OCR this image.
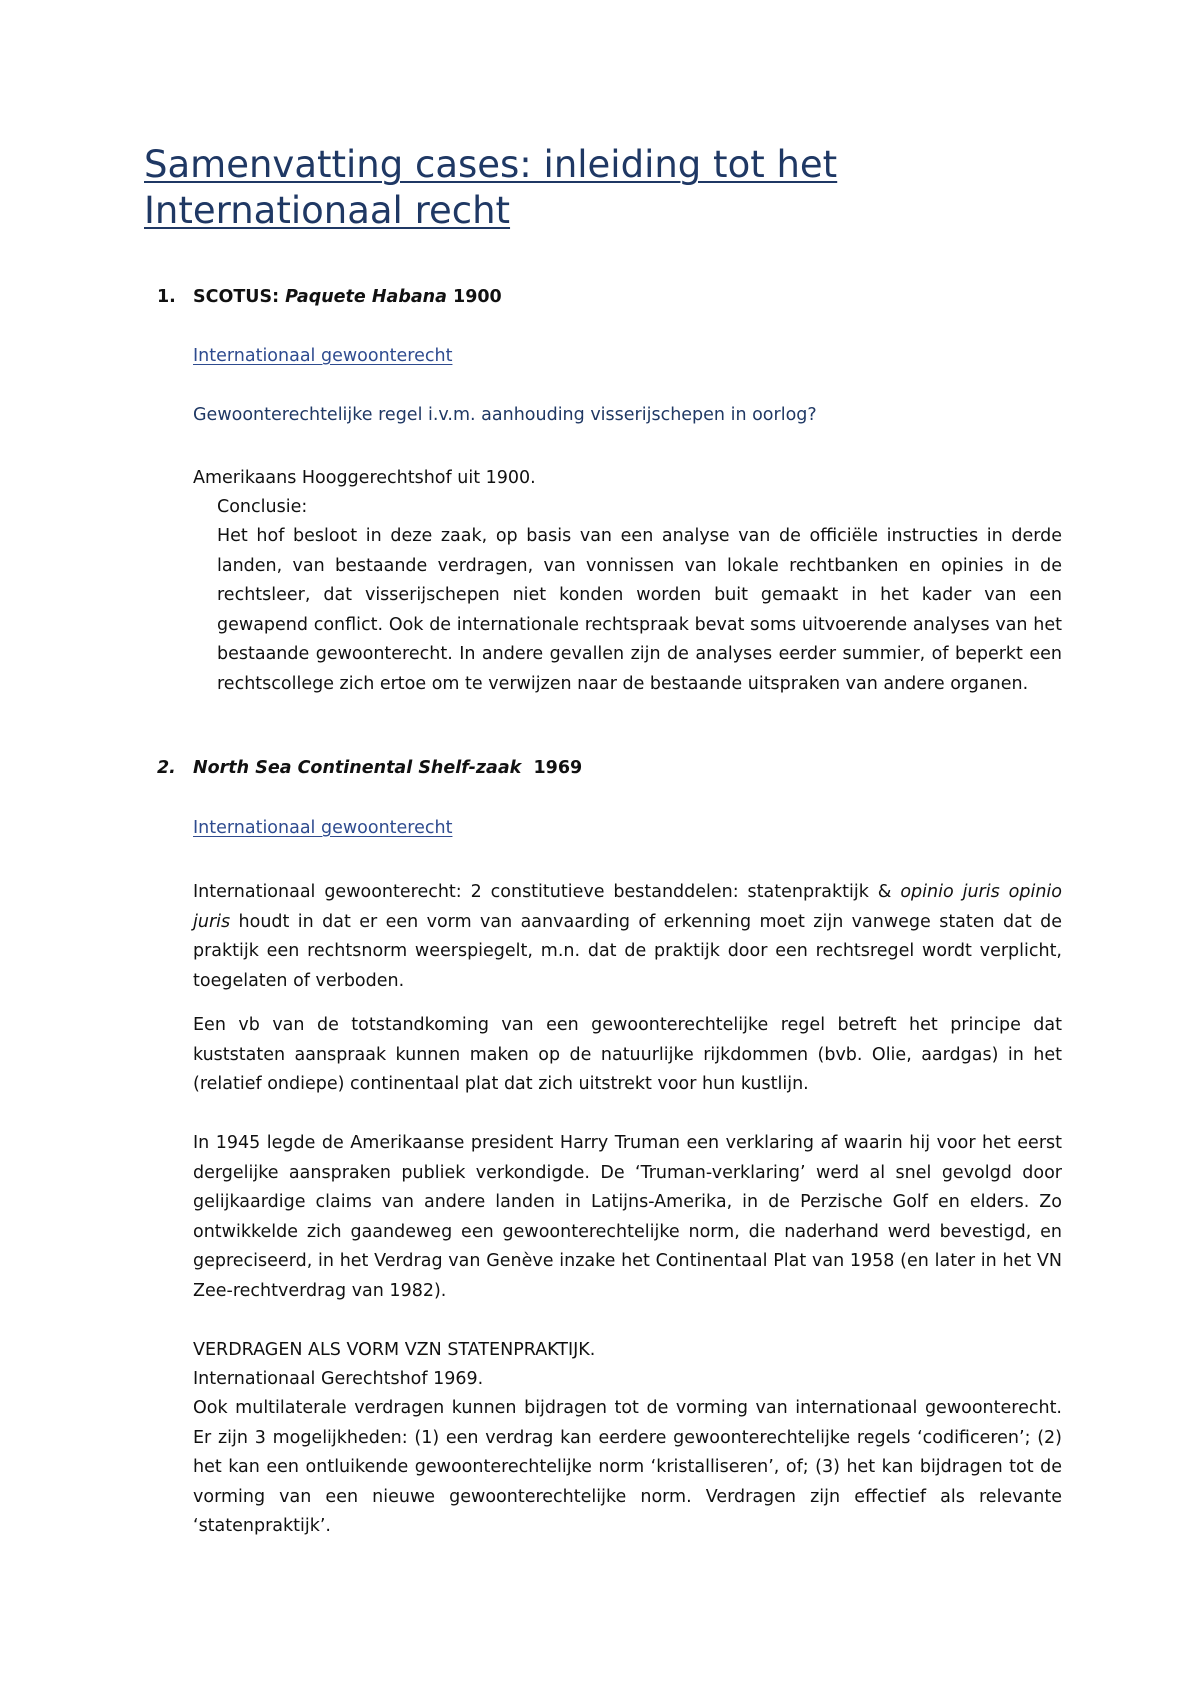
Samenvatting cases: inleiding tot het Internationaal recht
1. SCOTUS: Paquete Habana 1900
Internationaal gewoonterecht
Gewoonterechtelijke regel i.v.m. aanhouding visserijschepen in oorlog?
Amerikaans Hooggerechtshof uit 1900.
Conclusie:
Het hof besloot in deze zaak, op basis van een analyse van de officiële instructies in derde landen, van bestaande verdragen, van vonnissen van lokale rechtbanken en opinies in de rechtsleer, dat visserijschepen niet konden worden buit gemaakt in het kader van een gewapend conflict. Ook de internationale rechtspraak bevat soms uitvoerende analyses van het bestaande gewoonterecht. In andere gevallen zijn de analyses eerder summier, of beperkt een rechtscollege zich ertoe om te verwijzen naar de bestaande uitspraken van andere organen.
2. North Sea Continental Shelf-zaak 1969
Internationaal gewoonterecht
Internationaal gewoonterecht: 2 constitutieve bestanddelen: statenpraktijk & opinio juris opinio juris houdt in dat er een vorm van aanvaarding of erkenning moet zijn vanwege staten dat de praktijk een rechtsnorm weerspiegelt, m.n. dat de praktijk door een rechtsregel wordt verplicht, toegelaten of verboden.
Een vb van de totstandkoming van een gewoonterechtelijke regel betreft het principe dat kuststaten aanspraak kunnen maken op de natuurlijke rijkdommen (bvb. Olie, aardgas) in het (relatief ondiepe) continentaal plat dat zich uitstrekt voor hun kustlijn.
In 1945 legde de Amerikaanse president Harry Truman een verklaring af waarin hij voor het eerst dergelijke aanspraken publiek verkondigde. De ‘Truman-verklaring’ werd al snel gevolgd door gelijkaardige claims van andere landen in Latijns-Amerika, in de Perzische Golf en elders. Zo ontwikkelde zich gaandeweg een gewoonterechtelijke norm, die naderhand werd bevestigd, en gepreciseerd, in het Verdrag van Genève inzake het Continentaal Plat van 1958 (en later in het VN Zee-rechtverdrag van 1982).
VERDRAGEN ALS VORM VZN STATENPRAKTIJK.
Internationaal Gerechtshof 1969.
Ook multilaterale verdragen kunnen bijdragen tot de vorming van internationaal gewoonterecht. Er zijn 3 mogelijkheden: (1) een verdrag kan eerdere gewoonterechtelijke regels ‘codificeren’; (2) het kan een ontluikende gewoonterechtelijke norm ‘kristalliseren’, of; (3) het kan bijdragen tot de vorming van een nieuwe gewoonterechtelijke norm. Verdragen zijn effectief als relevante ‘statenpraktijk’.
